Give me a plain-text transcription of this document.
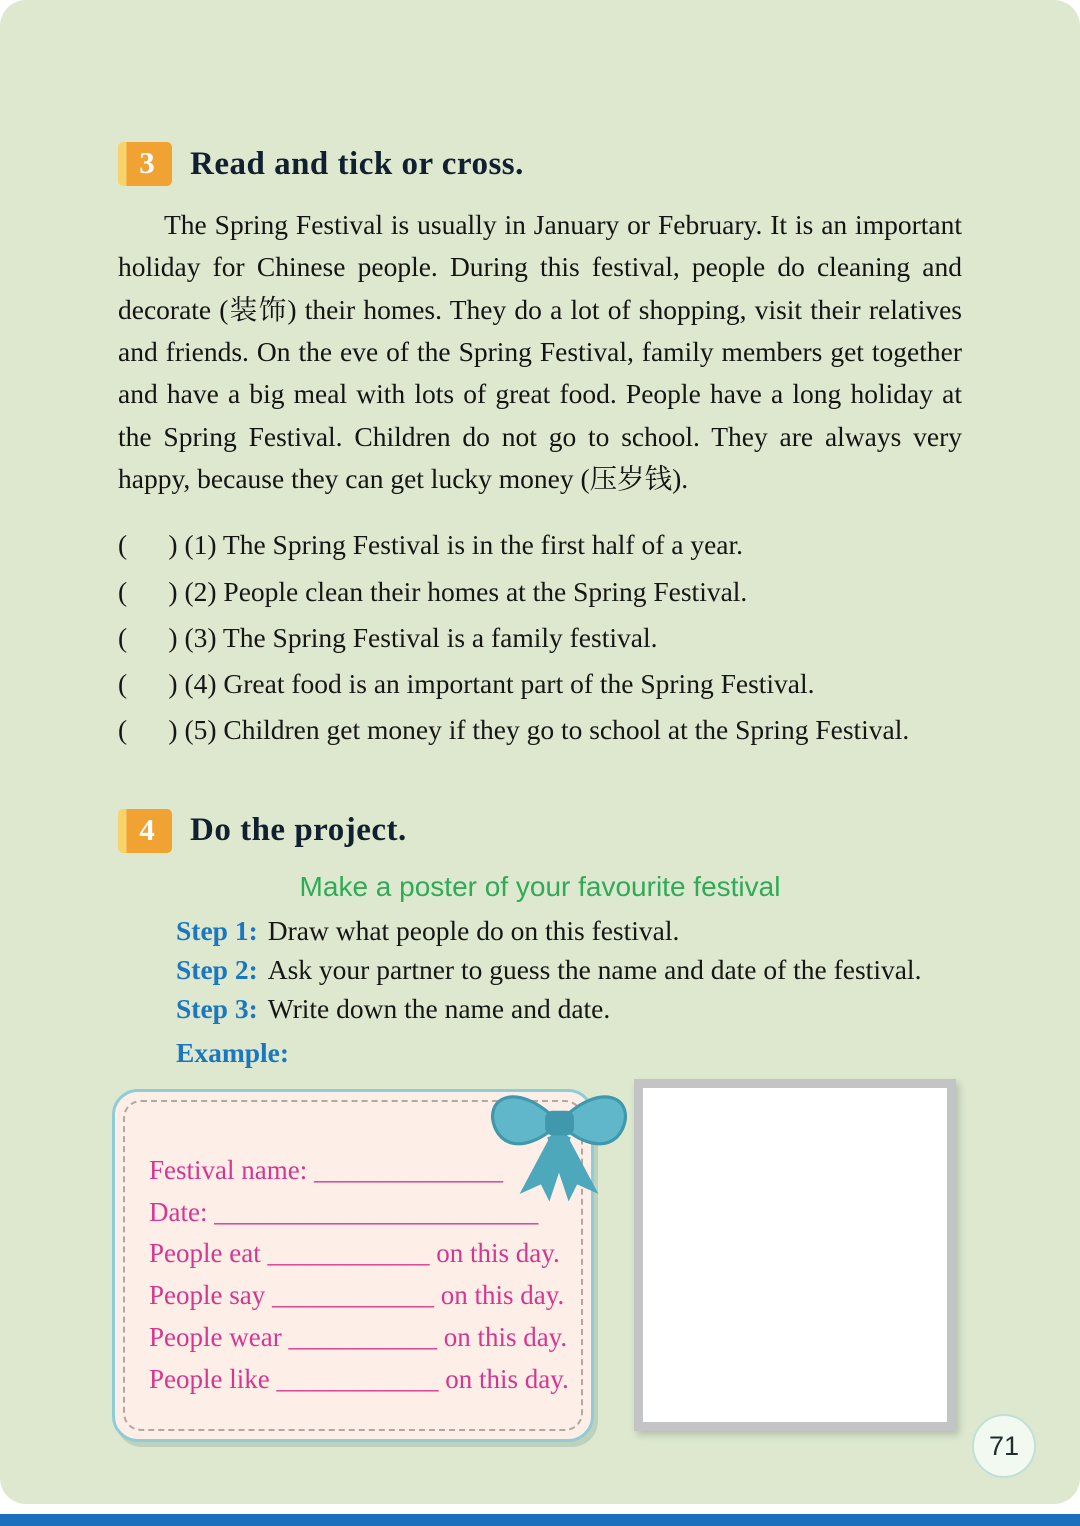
3	Read and tick or cross.

The Spring Festival is usually in January or February. It is an important holiday for Chinese people. During this festival, people do cleaning and decorate (装饰) their homes. They do a lot of shopping, visit their relatives and friends. On the eve of the Spring Festival, family members get together and have a big meal with lots of great food. People have a long holiday at the Spring Festival. Children do not go to school. They are always very happy, because they can get lucky money (压岁钱).

(      ) (1) The Spring Festival is in the first half of a year.
(      ) (2) People clean their homes at the Spring Festival.
(      ) (3) The Spring Festival is a family festival.
(      ) (4) Great food is an important part of the Spring Festival.
(      ) (5) Children get money if they go to school at the Spring Festival.
4	Do the project.

Make a poster of your favourite festival

Step 1: Draw what people do on this festival.

Step 2: Ask your partner to guess the name and date of the festival.

Step 3: Write down the name and date.

Example:

Festival name: ______________

Date: ________________________

People eat ____________ on this day.

People say ____________ on this day.

People wear ___________ on this day.

People like ____________ on this day.

71
